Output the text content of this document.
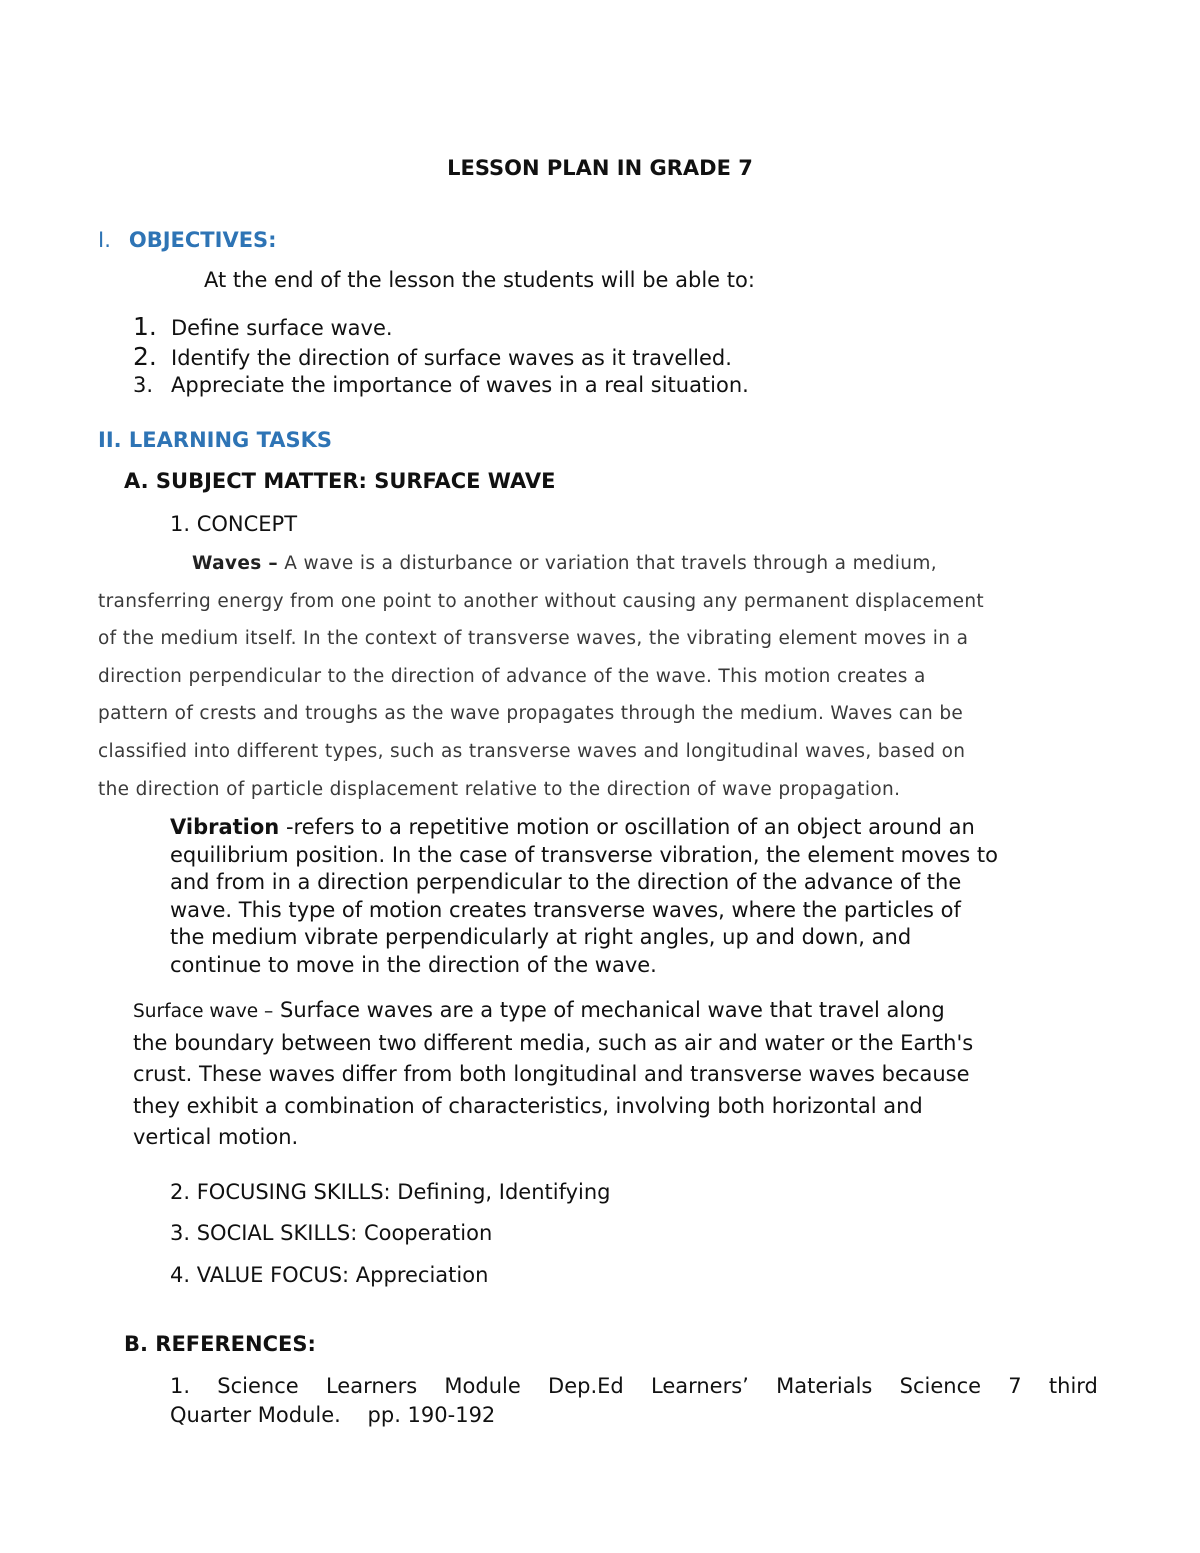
LESSON PLAN IN GRADE 7
I. OBJECTIVES:

At the end of the lesson the students will be able to:

1. Define surface wave.
2. Identify the direction of surface waves as it travelled.
3. Appreciate the importance of waves in a real situation.
II. LEARNING TASKS
A. SUBJECT MATTER: SURFACE WAVE

1. CONCEPT

Waves – A wave is a disturbance or variation that travels through a medium,

transferring energy from one point to another without causing any permanent displacement

of the medium itself. In the context of transverse waves, the vibrating element moves in a

direction perpendicular to the direction of advance of the wave. This motion creates a

pattern of crests and troughs as the wave propagates through the medium. Waves can be

classified into different types, such as transverse waves and longitudinal waves, based on

the direction of particle displacement relative to the direction of wave propagation.

Vibration -refers to a repetitive motion or oscillation of an object around an

equilibrium position. In the case of transverse vibration, the element moves to

and from in a direction perpendicular to the direction of the advance of the

wave. This type of motion creates transverse waves, where the particles of

the medium vibrate perpendicularly at right angles, up and down, and

continue to move in the direction of the wave.

Surface wave – Surface waves are a type of mechanical wave that travel along

the boundary between two different media, such as air and water or the Earth's

crust. These waves differ from both longitudinal and transverse waves because

they exhibit a combination of characteristics, involving both horizontal and

vertical motion.

2. FOCUSING SKILLS: Defining, Identifying

3. SOCIAL SKILLS: Cooperation

4. VALUE FOCUS: Appreciation

B. REFERENCES:
1. Science Learners Module Dep.Ed Learners’ Materials Science 7 third

Quarter Module.    pp. 190-192
